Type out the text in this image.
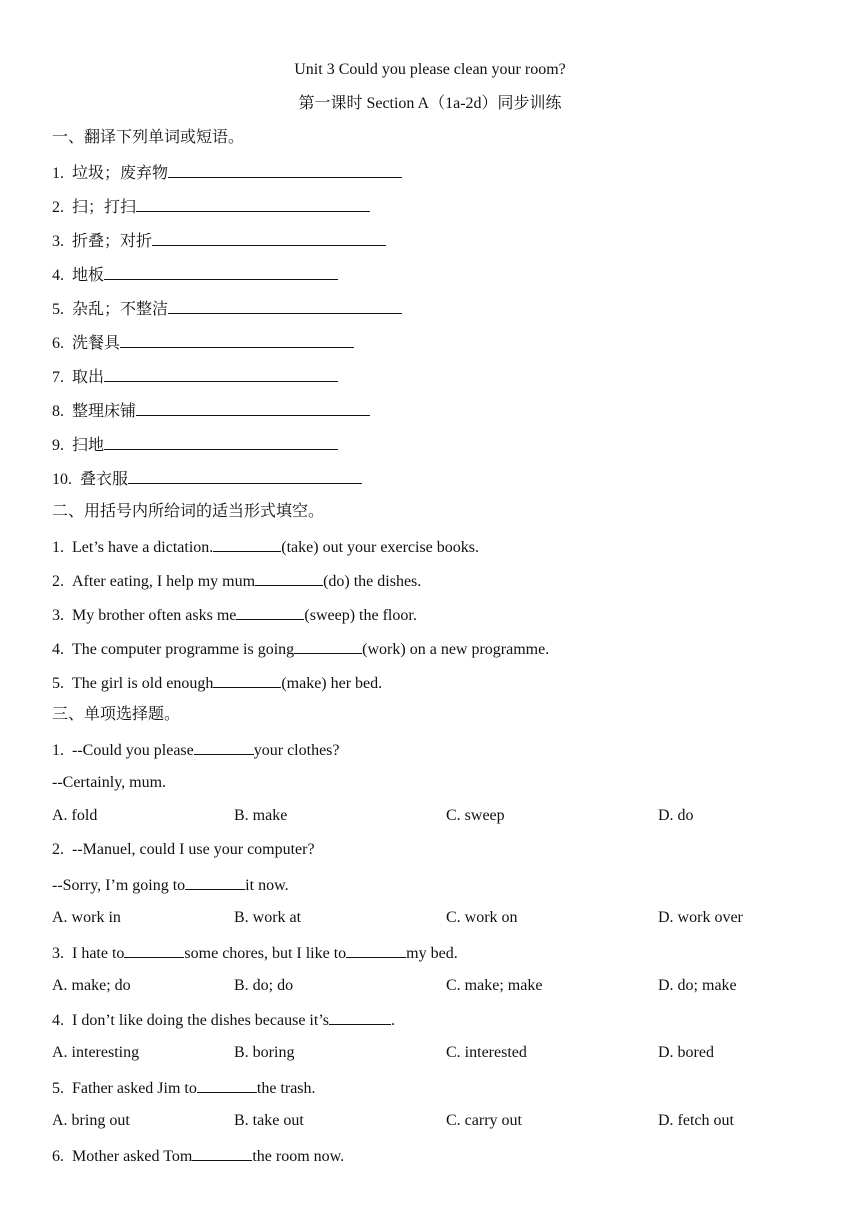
Unit 3 Could you please clean your room?
第一课时 Section A（1a-2d）同步训练
一、翻译下列单词或短语。
1. 垃圾；废弃物
2. 扫；打扫
3. 折叠；对折
4. 地板
5. 杂乱；不整洁
6. 洗餐具
7. 取出
8. 整理床铺
9. 扫地
10. 叠衣服
二、用括号内所给词的适当形式填空。
1. Let’s have a dictation.	(take) out your exercise books.
2. After eating, I help my mum	(do) the dishes.
3. My brother often asks me	(sweep) the floor.
4. The computer programme is going	(work) on a new programme.
5. The girl is old enough	(make) her bed.
三、单项选择题。
1. --Could you please	your clothes?
--Certainly, mum.
A. fold	B. make	C. sweep	D. do
2. --Manuel, could I use your computer?
--Sorry, I’m going to	it now.
A. work in	B. work at	C. work on	D. work over
3. I hate to	some chores, but I like to	my bed.
A. make; do	B. do; do	C. make; make	D. do; make
4. I don’t like doing the dishes because it’s	.
A. interesting	B. boring	C. interested	D. bored
5. Father asked Jim to	the trash.
A. bring out	B. take out	C. carry out	D. fetch out
6. Mother asked Tom	the room now.
